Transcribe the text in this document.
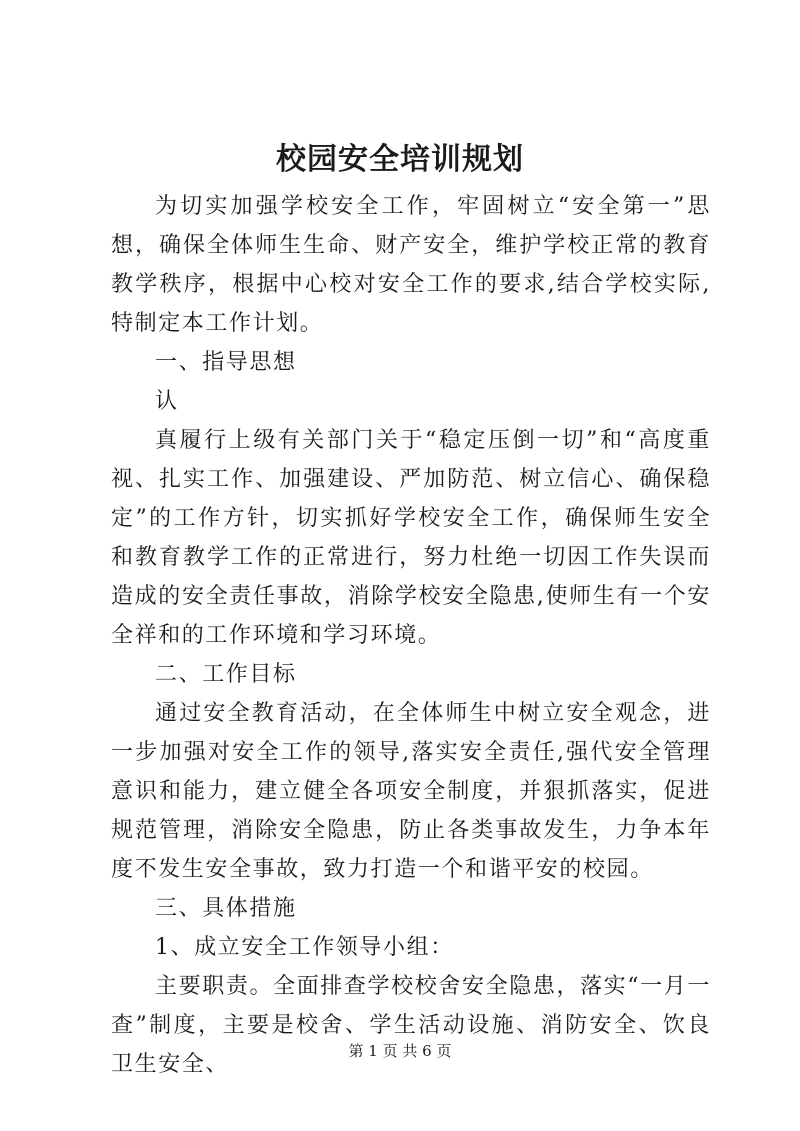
校园安全培训规划

为切实加强学校安全工作，牢固树立“安全第一”思想，确保全体师生生命、财产安全，维护学校正常的教育教学秩序，根据中心校对安全工作的要求,结合学校实际,特制定本工作计划。

一、指导思想

认

真履行上级有关部门关于“稳定压倒一切”和“高度重视、扎实工作、加强建设、严加防范、树立信心、确保稳定”的工作方针，切实抓好学校安全工作，确保师生安全和教育教学工作的正常进行，努力杜绝一切因工作失误而造成的安全责任事故，消除学校安全隐患,使师生有一个安全祥和的工作环境和学习环境。

二、工作目标

通过安全教育活动，在全体师生中树立安全观念，进一步加强对安全工作的领导,落实安全责任,强代安全管理意识和能力，建立健全各项安全制度，并狠抓落实，促进规范管理，消除安全隐患，防止各类事故发生，力争本年度不发生安全事故，致力打造一个和谐平安的校园。

三、具体措施

1、成立安全工作领导小组：

主要职责。全面排查学校校舍安全隐患，落实“一月一查”制度，主要是校舍、学生活动设施、消防安全、饮良卫生安全、

第 1 页 共 6 页
